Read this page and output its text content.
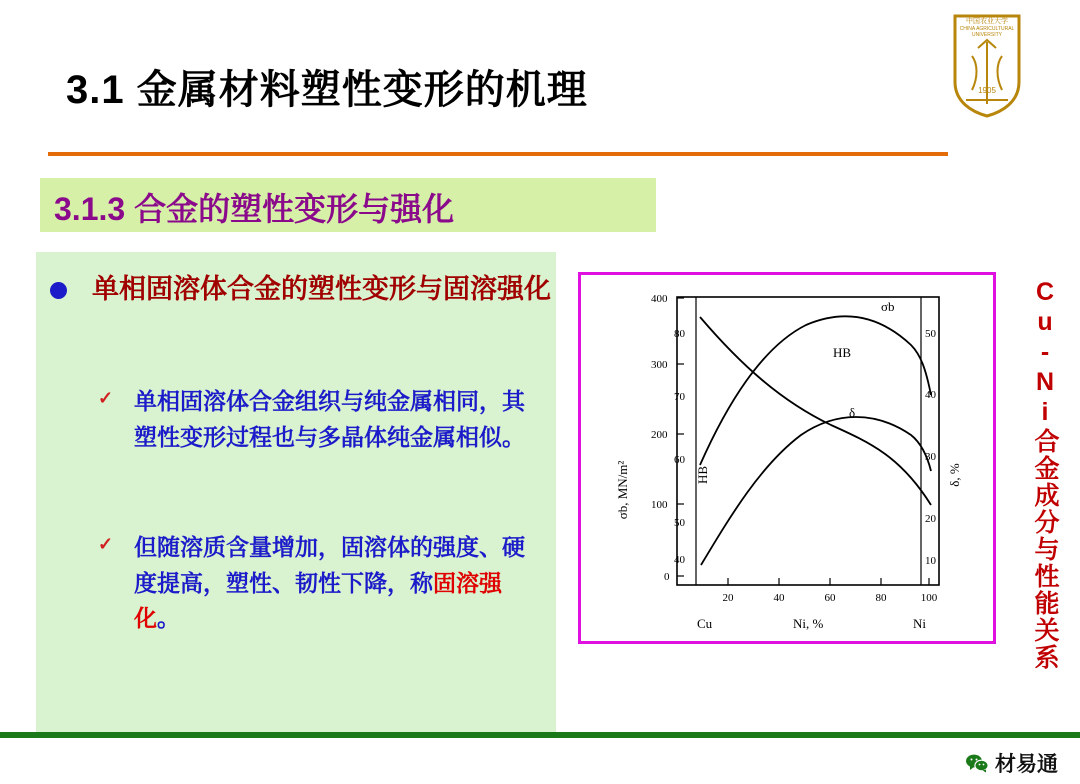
3.1 金属材料塑性变形的机理
中国农业大学
CHINA AGRICULTURAL UNIVERSITY
1905
3.1.3 合金的塑性变形与强化
单相固溶体合金的塑性变形与固溶强化
✓ 单相固溶体合金组织与纯金属相同，其塑性变形过程也与多晶体纯金属相似。
✓ 但随溶质含量增加，固溶体的强度、硬度提高，塑性、韧性下降，称固溶强化。
400
300
200
100
0
80
70
60
50
40
50
40
30
20
10
20	40	60	80	100
σb, MN/m²	HB	δ, %
Cu	Ni, %	Ni
σb
HB
δ	Cu-Ni合金成分与性能关系
材易通
